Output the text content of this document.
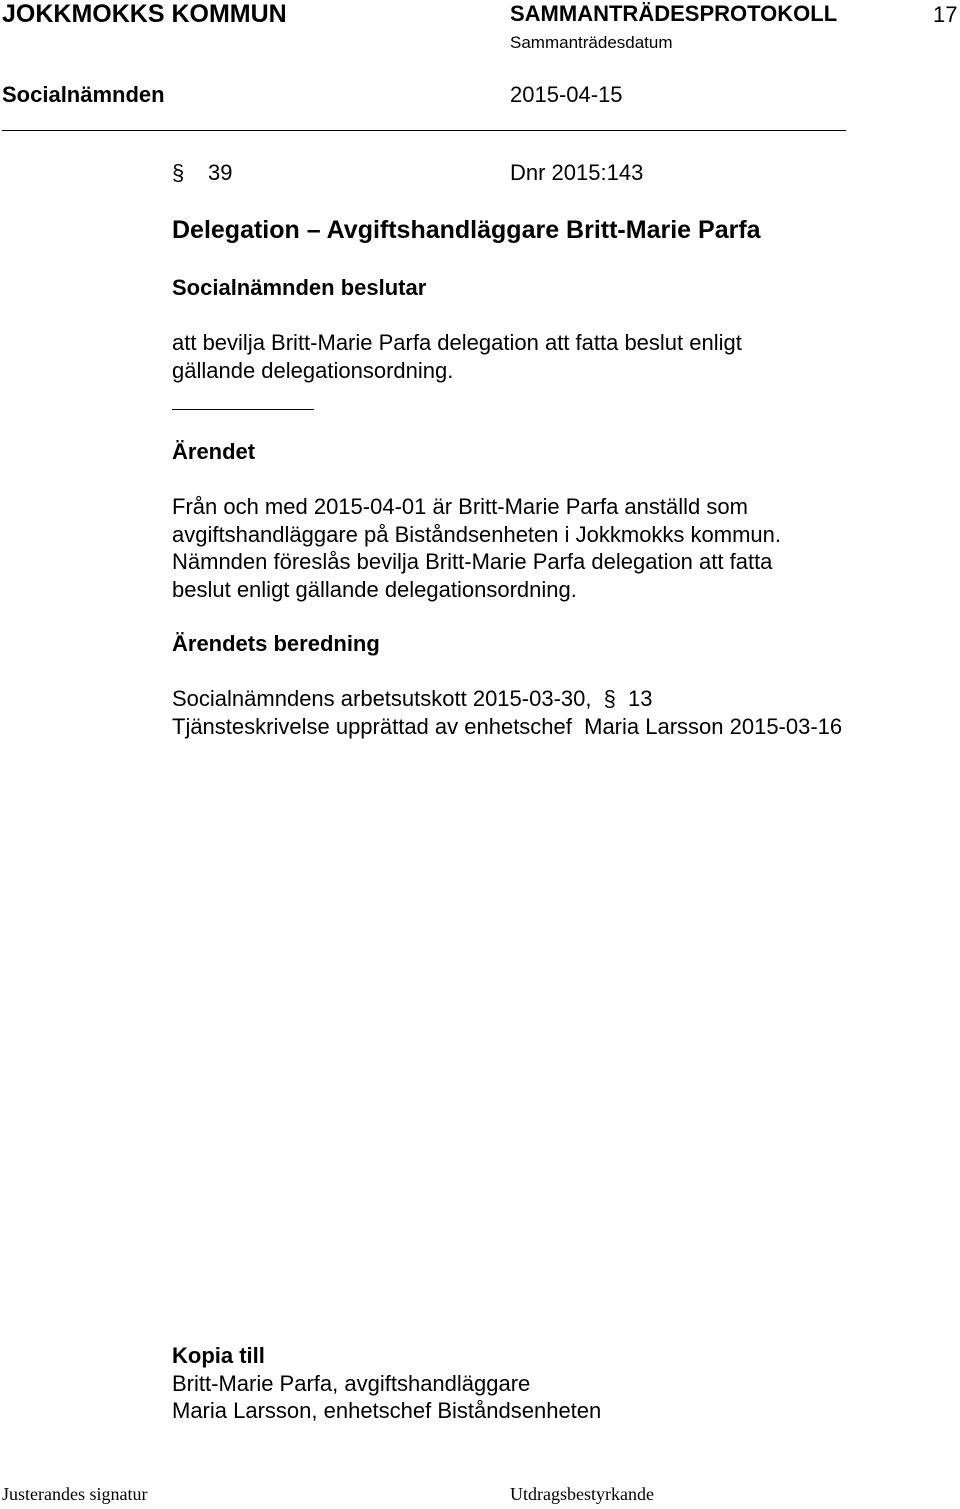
JOKKMOKKS KOMMUN	SAMMANTRÄDESPROTOKOLL	17
Sammanträdesdatum
Socialnämnden	2015-04-15
§ 39	Dnr 2015:143
Delegation – Avgiftshandläggare Britt-Marie Parfa
Socialnämnden beslutar
att bevilja Britt-Marie Parfa delegation att fatta beslut enligt
gällande delegationsordning.
Ärendet
Från och med 2015-04-01 är Britt-Marie Parfa anställd som
avgiftshandläggare på Biståndsenheten i Jokkmokks kommun.
Nämnden föreslås bevilja Britt-Marie Parfa delegation att fatta
beslut enligt gällande delegationsordning.
Ärendets beredning
Socialnämndens arbetsutskott 2015-03-30, § 13
Tjänsteskrivelse upprättad av enhetschef  Maria Larsson 2015-03-16
Kopia till
Britt-Marie Parfa, avgiftshandläggare
Maria Larsson, enhetschef Biståndsenheten
Justerandes signatur	Utdragsbestyrkande
